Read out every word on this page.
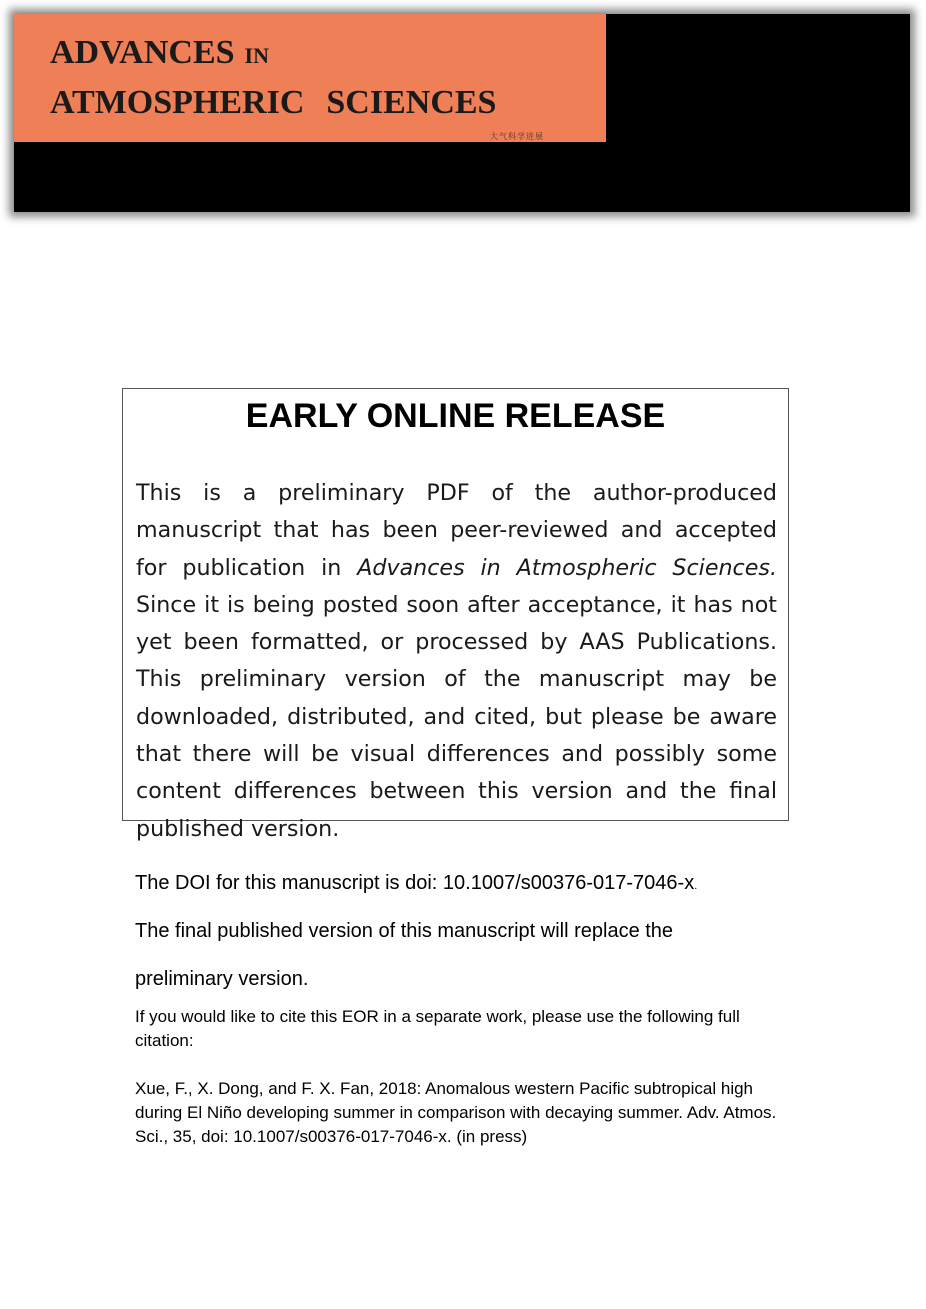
ADVANCES IN

ATMOSPHERIC SCIENCES

大气科学进展
EARLY ONLINE RELEASE

This is a preliminary PDF of the author-produced manuscript that has been peer-reviewed and accepted for publication in Advances in Atmospheric Sciences. Since it is being posted soon after acceptance, it has not yet been formatted, or processed by AAS Publications. This preliminary version of the manuscript may be downloaded, distributed, and cited, but please be aware that there will be visual differences and possibly some content differences between this version and the final published version.

The DOI for this manuscript is doi: 10.1007/s00376-017-7046-x.

The final published version of this manuscript will replace the

preliminary version.

If you would like to cite this EOR in a separate work, please use the following full citation:

Xue, F., X. Dong, and F. X. Fan, 2018: Anomalous western Pacific subtropical high during El Niño developing summer in comparison with decaying summer. Adv. Atmos. Sci., 35, doi: 10.1007/s00376-017-7046-x. (in press)
